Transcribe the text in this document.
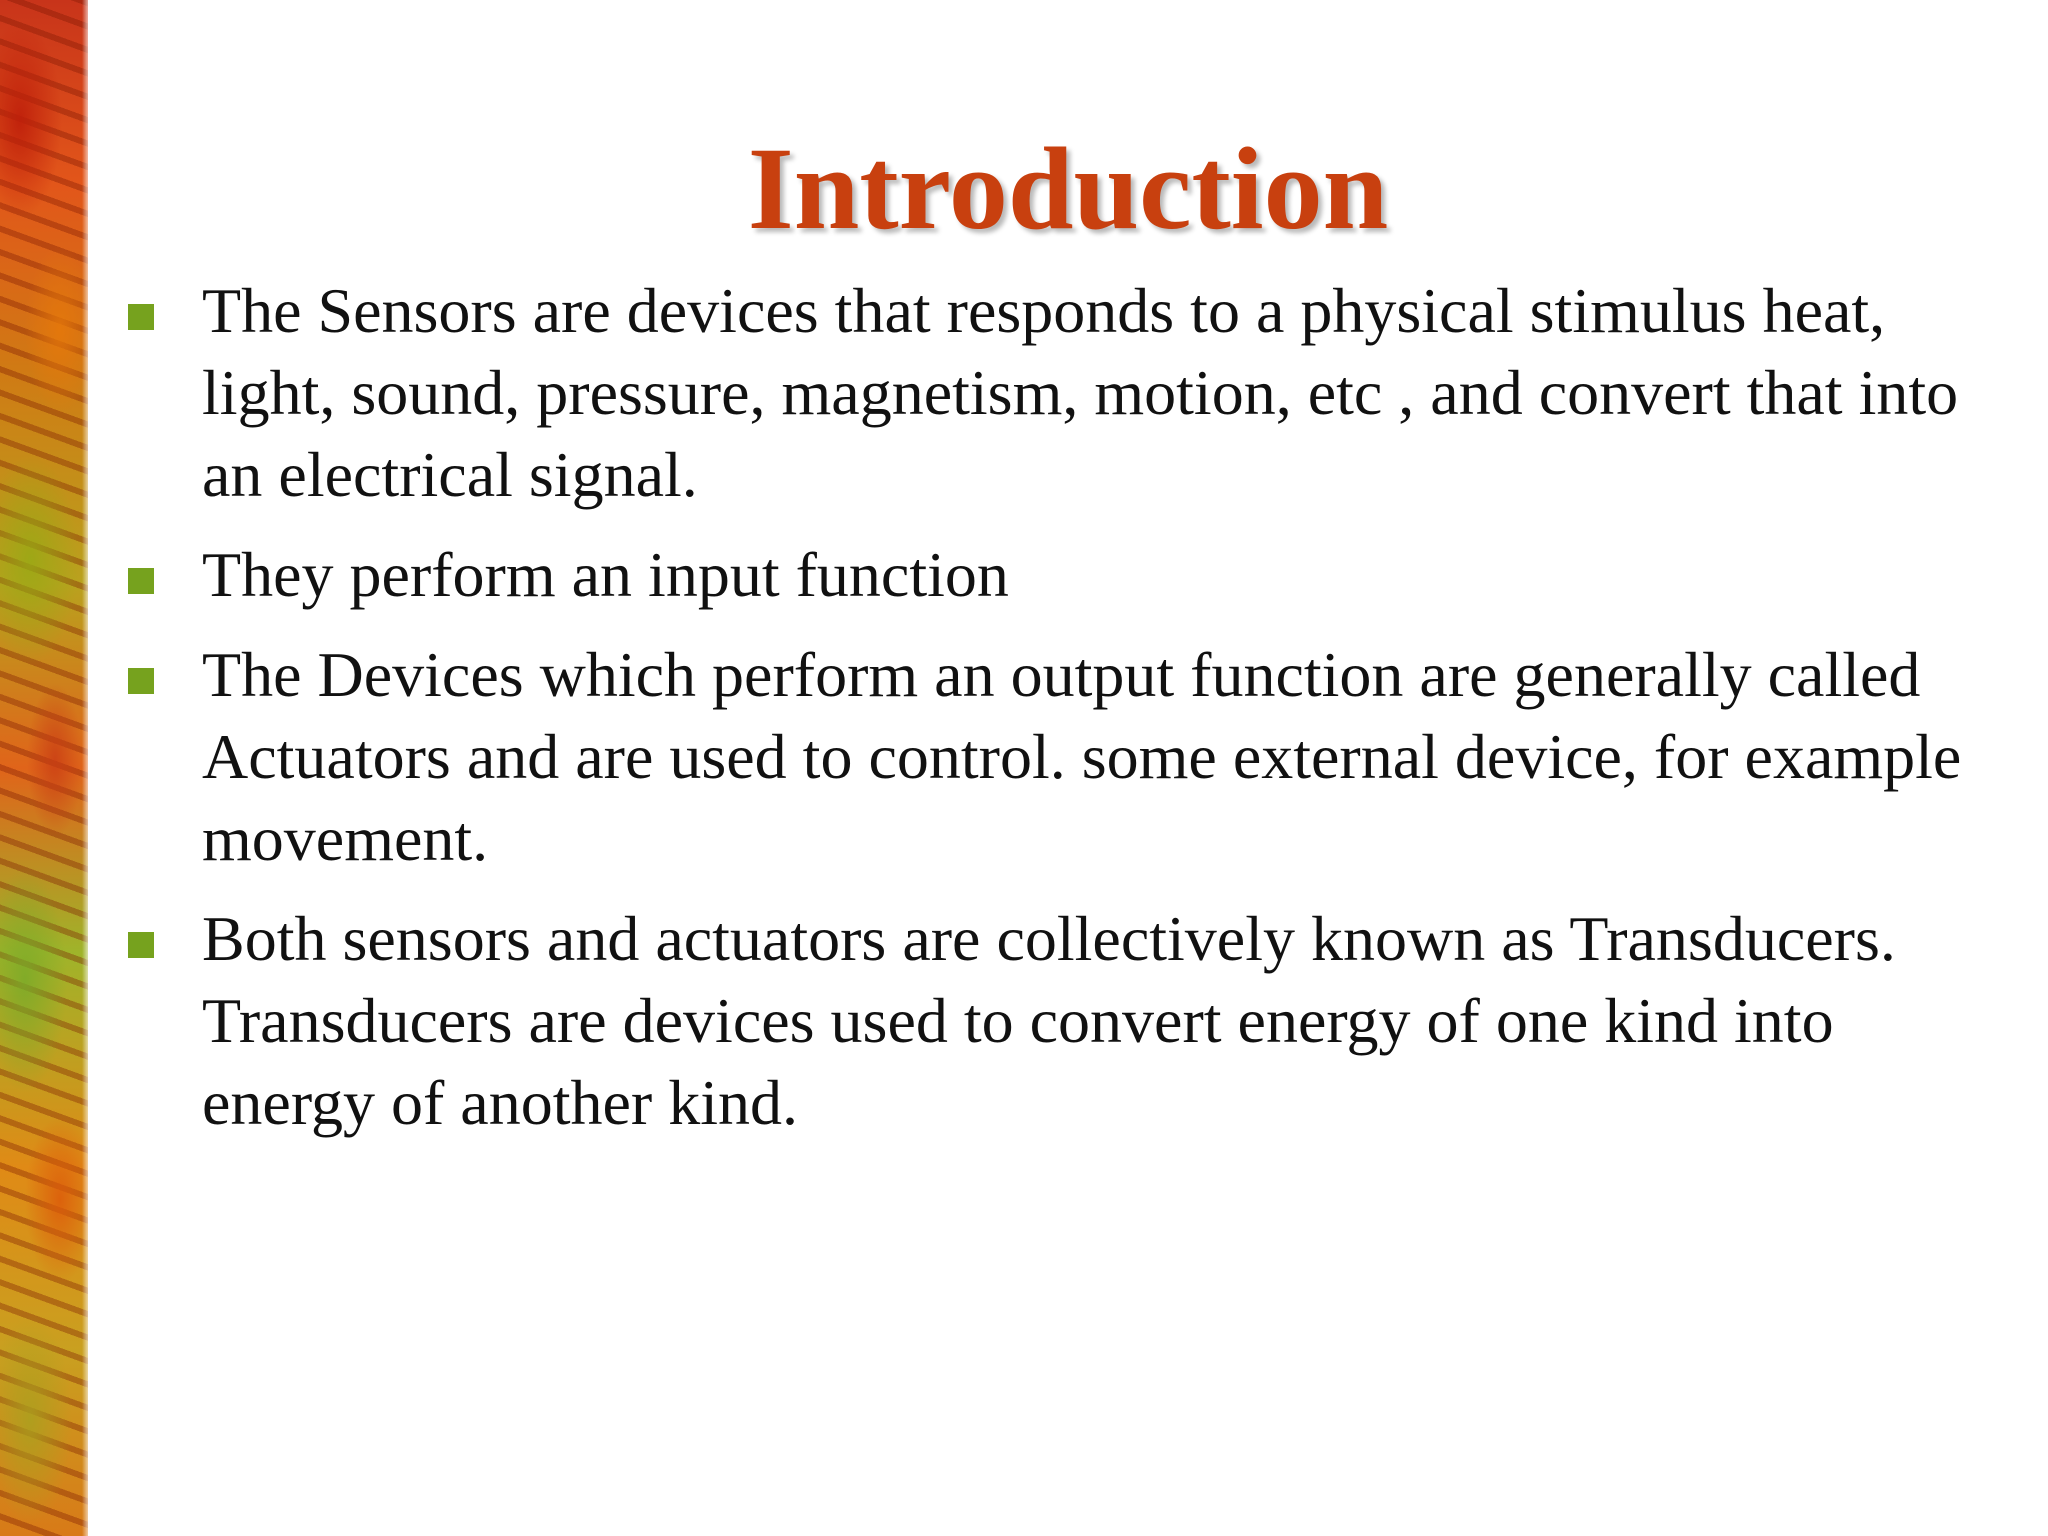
Introduction
The Sensors are devices that responds to a physical stimulus heat, light, sound, pressure, magnetism, motion, etc , and convert that into an electrical signal.
They perform an input function
The Devices which perform an output function are generally called Actuators and are used to control. some external device, for example movement.
Both sensors and actuators are collectively known as Transducers. Transducers are devices used to convert energy of one kind into energy of another kind.
